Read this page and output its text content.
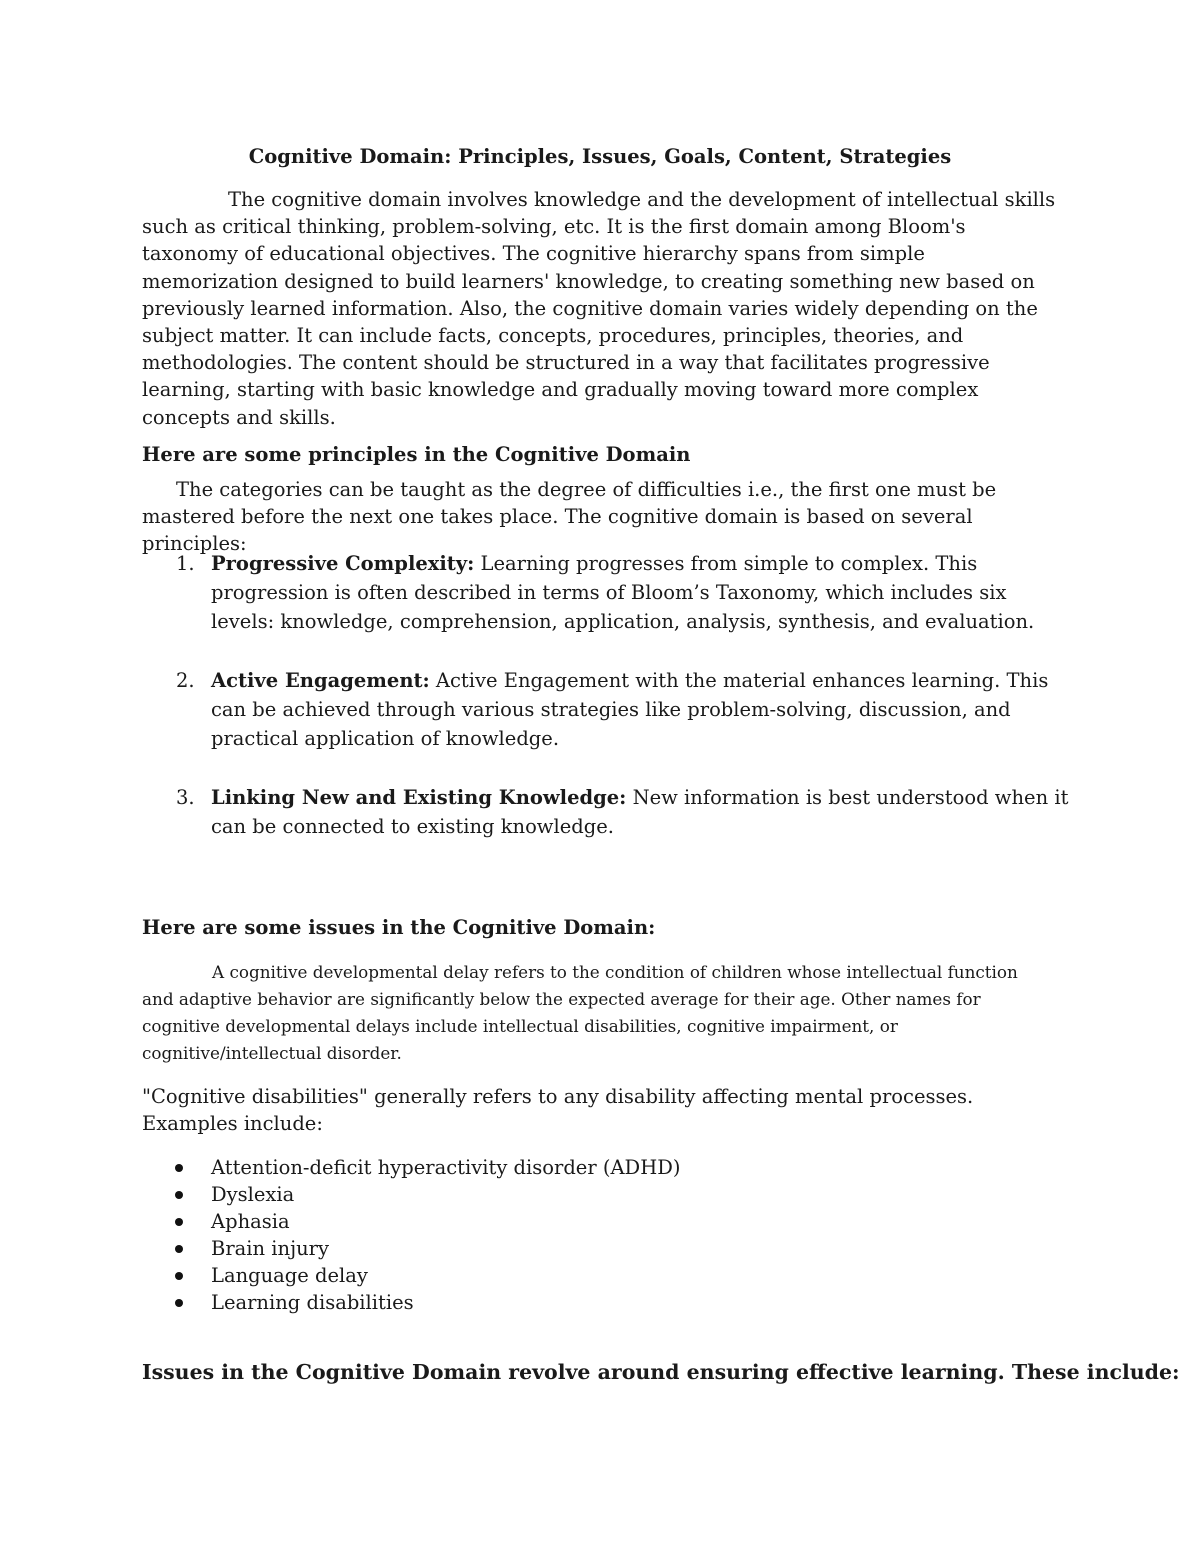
Cognitive Domain: Principles, Issues, Goals, Content, Strategies
The cognitive domain involves knowledge and the development of intellectual skills such as critical thinking, problem-solving, etc. It is the first domain among Bloom's taxonomy of educational objectives. The cognitive hierarchy spans from simple memorization designed to build learners' knowledge, to creating something new based on previously learned information. Also, the cognitive domain varies widely depending on the subject matter. It can include facts, concepts, procedures, principles, theories, and methodologies. The content should be structured in a way that facilitates progressive learning, starting with basic knowledge and gradually moving toward more complex concepts and skills.
Here are some principles in the Cognitive Domain
The categories can be taught as the degree of difficulties i.e., the first one must be mastered before the next one takes place. The cognitive domain is based on several principles:
1. Progressive Complexity: Learning progresses from simple to complex. This progression is often described in terms of Bloom’s Taxonomy, which includes six levels: knowledge, comprehension, application, analysis, synthesis, and evaluation.
2. Active Engagement: Active Engagement with the material enhances learning. This can be achieved through various strategies like problem-solving, discussion, and practical application of knowledge.
3. Linking New and Existing Knowledge: New information is best understood when it can be connected to existing knowledge.
Here are some issues in the Cognitive Domain:
A cognitive developmental delay refers to the condition of children whose intellectual function and adaptive behavior are significantly below the expected average for their age. Other names for cognitive developmental delays include intellectual disabilities, cognitive impairment, or cognitive/intellectual disorder.
"Cognitive disabilities" generally refers to any disability affecting mental processes. Examples include:
Attention-deficit hyperactivity disorder (ADHD)
Dyslexia
Aphasia
Brain injury
Language delay
Learning disabilities
Issues in the Cognitive Domain revolve around ensuring effective learning. These include:
